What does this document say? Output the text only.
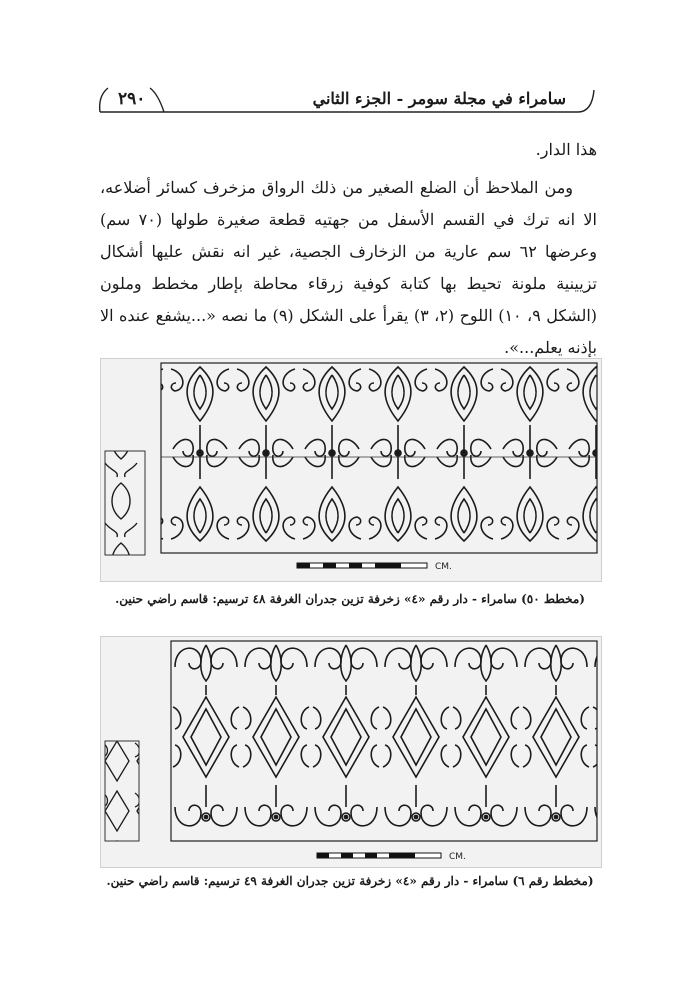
٢٩٠	سامراء في مجلة سومر - الجزء الثاني

هذا الدار.

ومن الملاحظ أن الضلع الصغير من ذلك الرواق مزخرف كسائر أضلاعه، الا انه ترك في القسم الأسفل من جهتيه قطعة صغيرة طولها (٧٠ سم) وعرضها ٦٢ سم عارية من الزخارف الجصية، غير انه نقش عليها أشكال تزيينية ملونة تحيط بها كتابة كوفية زرقاء محاطة بإطار مخطط وملون (الشكل ٩، ١٠) اللوح (٢، ٣) يقرأ على الشكل (٩) ما نصه «...يشفع عنده الا بإذنه يعلم...».

CM.
(مخطط ٥٠) سامراء - دار رقم «٤» زخرفة تزين جدران الغرفة ٤٨ ترسيم: قاسم راضي حنين.
CM.
(مخطط رقم ٦) سامراء - دار رقم «٤» زخرفة تزين جدران الغرفة ٤٩ ترسيم: قاسم راضي حنين.
